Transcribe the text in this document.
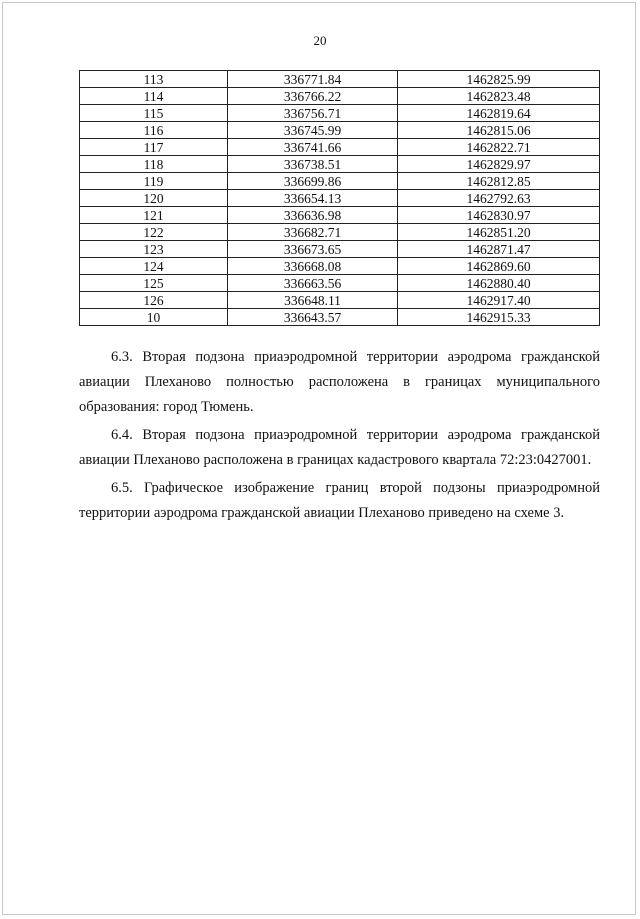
20
113	336771.84	1462825.99
114	336766.22	1462823.48
115	336756.71	1462819.64
116	336745.99	1462815.06
117	336741.66	1462822.71
118	336738.51	1462829.97
119	336699.86	1462812.85
120	336654.13	1462792.63
121	336636.98	1462830.97
122	336682.71	1462851.20
123	336673.65	1462871.47
124	336668.08	1462869.60
125	336663.56	1462880.40
126	336648.11	1462917.40
10	336643.57	1462915.33

6.3. Вторая подзона приаэродромной территории аэродрома гражданской авиации Плеханово полностью расположена в границах муниципального образования: город Тюмень.

6.4. Вторая подзона приаэродромной территории аэродрома гражданской авиации Плеханово расположена в границах кадастрового квартала 72:23:0427001.

6.5. Графическое изображение границ второй подзоны приаэродромной территории аэродрома гражданской авиации Плеханово приведено на схеме 3.
